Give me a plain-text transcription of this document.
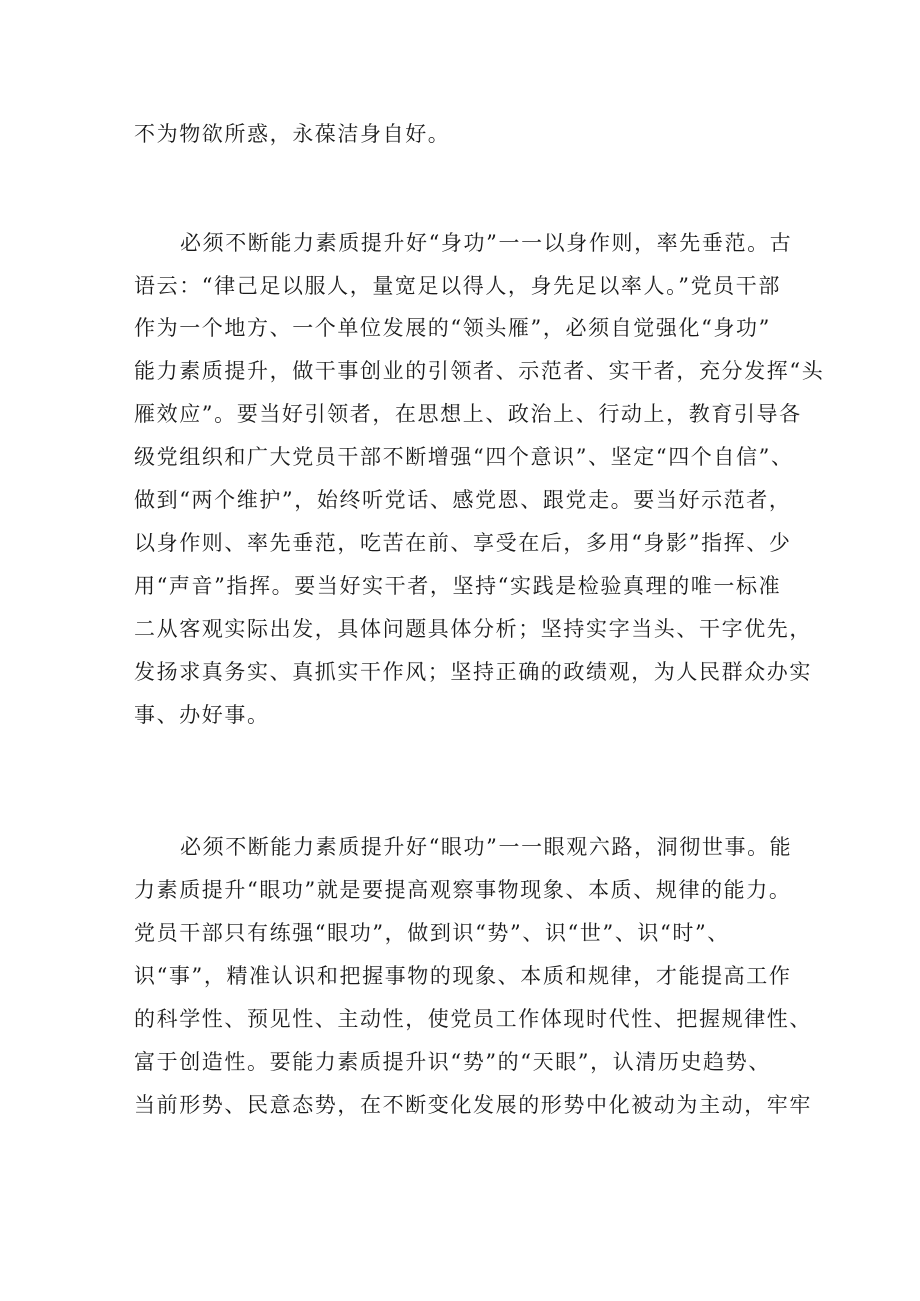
不为物欲所惑，永葆洁身自好。
必须不断能力素质提升好“身功”一一以身作则，率先垂范。古
语云：“律己足以服人，量宽足以得人，身先足以率人。”党员干部
作为一个地方、一个单位发展的“领头雁”，必须自觉强化“身功”
能力素质提升，做干事创业的引领者、示范者、实干者，充分发挥“头
雁效应”。要当好引领者，在思想上、政治上、行动上，教育引导各
级党组织和广大党员干部不断增强“四个意识”、坚定“四个自信”、
做到“两个维护”，始终听党话、感党恩、跟党走。要当好示范者，
以身作则、率先垂范，吃苦在前、享受在后，多用“身影”指挥、少
用“声音”指挥。要当好实干者，坚持“实践是检验真理的唯一标准
二从客观实际出发，具体问题具体分析；坚持实字当头、干字优先，
发扬求真务实、真抓实干作风；坚持正确的政绩观，为人民群众办实
事、办好事。
必须不断能力素质提升好“眼功”一一眼观六路，洞彻世事。能
力素质提升“眼功”就是要提高观察事物现象、本质、规律的能力。
党员干部只有练强“眼功”，做到识“势”、识“世”、识“时”、
识“事”，精准认识和把握事物的现象、本质和规律，才能提高工作
的科学性、预见性、主动性，使党员工作体现时代性、把握规律性、
富于创造性。要能力素质提升识“势”的“天眼”，认清历史趋势、
当前形势、民意态势，在不断变化发展的形势中化被动为主动，牢牢
